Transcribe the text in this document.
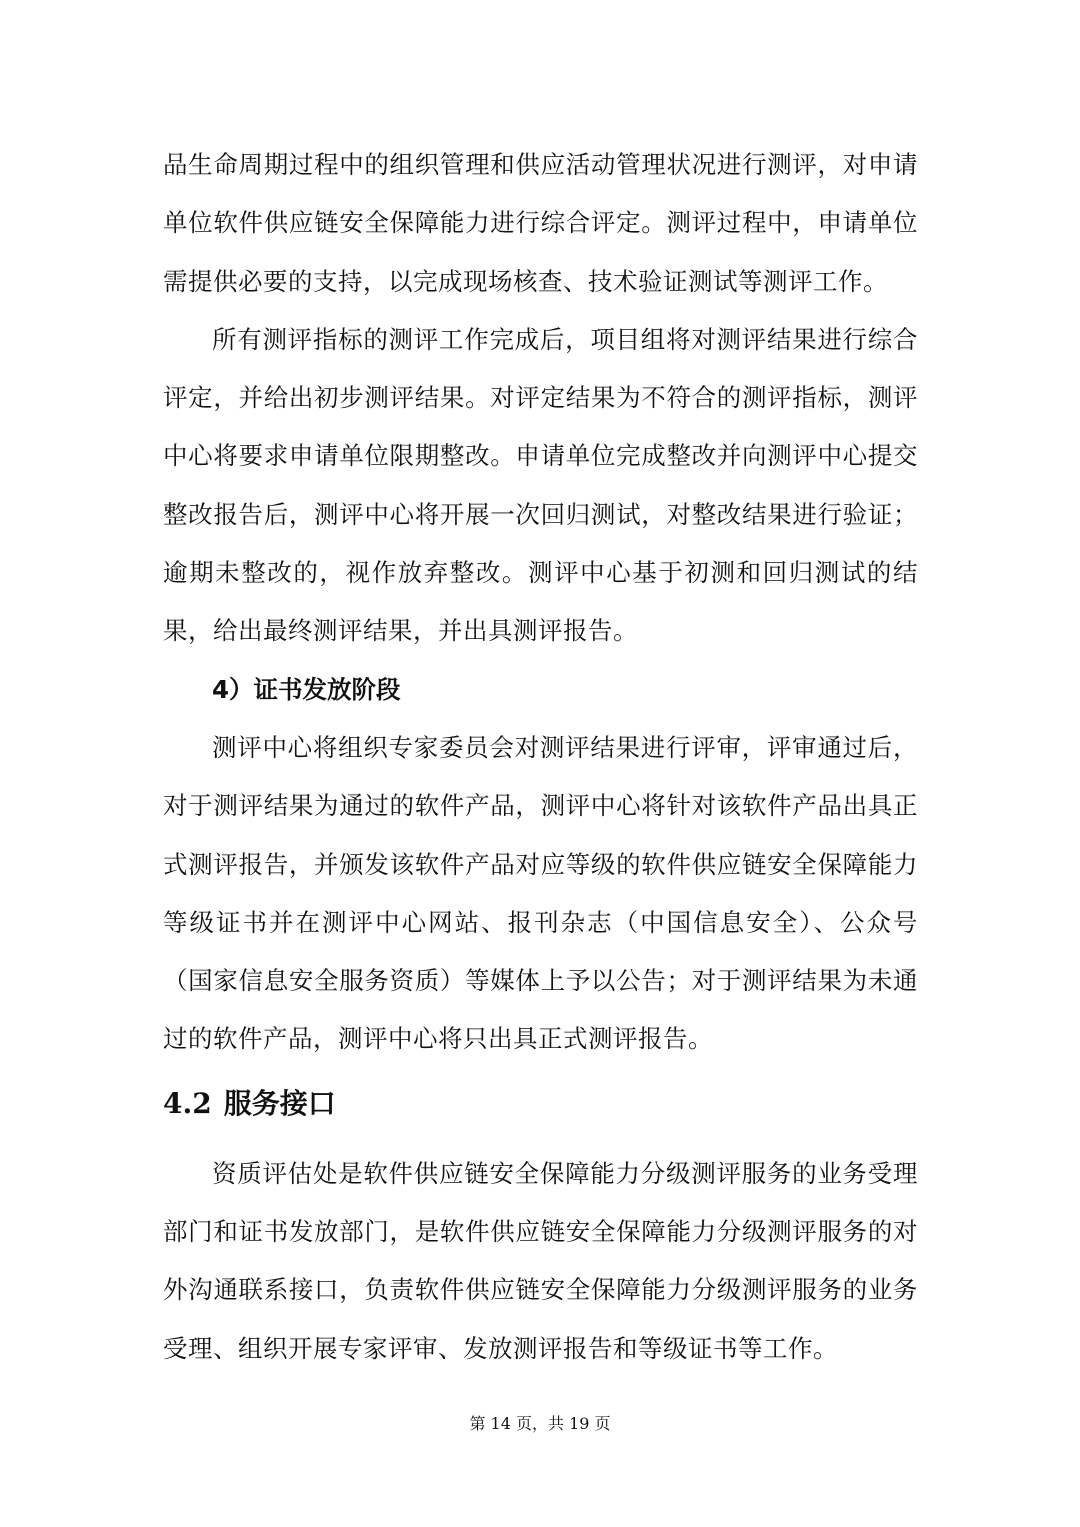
品生命周期过程中的组织管理和供应活动管理状况进行测评，对申请单位软件供应链安全保障能力进行综合评定。测评过程中，申请单位需提供必要的支持，以完成现场核查、技术验证测试等测评工作。

所有测评指标的测评工作完成后，项目组将对测评结果进行综合评定，并给出初步测评结果。对评定结果为不符合的测评指标，测评中心将要求申请单位限期整改。申请单位完成整改并向测评中心提交整改报告后，测评中心将开展一次回归测试，对整改结果进行验证；逾期未整改的，视作放弃整改。测评中心基于初测和回归测试的结果，给出最终测评结果，并出具测评报告。

4）证书发放阶段

测评中心将组织专家委员会对测评结果进行评审，评审通过后，对于测评结果为通过的软件产品，测评中心将针对该软件产品出具正式测评报告，并颁发该软件产品对应等级的软件供应链安全保障能力等级证书并在测评中心网站、报刊杂志（中国信息安全）、公众号（国家信息安全服务资质）等媒体上予以公告；对于测评结果为未通过的软件产品，测评中心将只出具正式测评报告。

4.2 服务接口

资质评估处是软件供应链安全保障能力分级测评服务的业务受理部门和证书发放部门，是软件供应链安全保障能力分级测评服务的对外沟通联系接口，负责软件供应链安全保障能力分级测评服务的业务受理、组织开展专家评审、发放测评报告和等级证书等工作。

第 14 页，共 19 页
